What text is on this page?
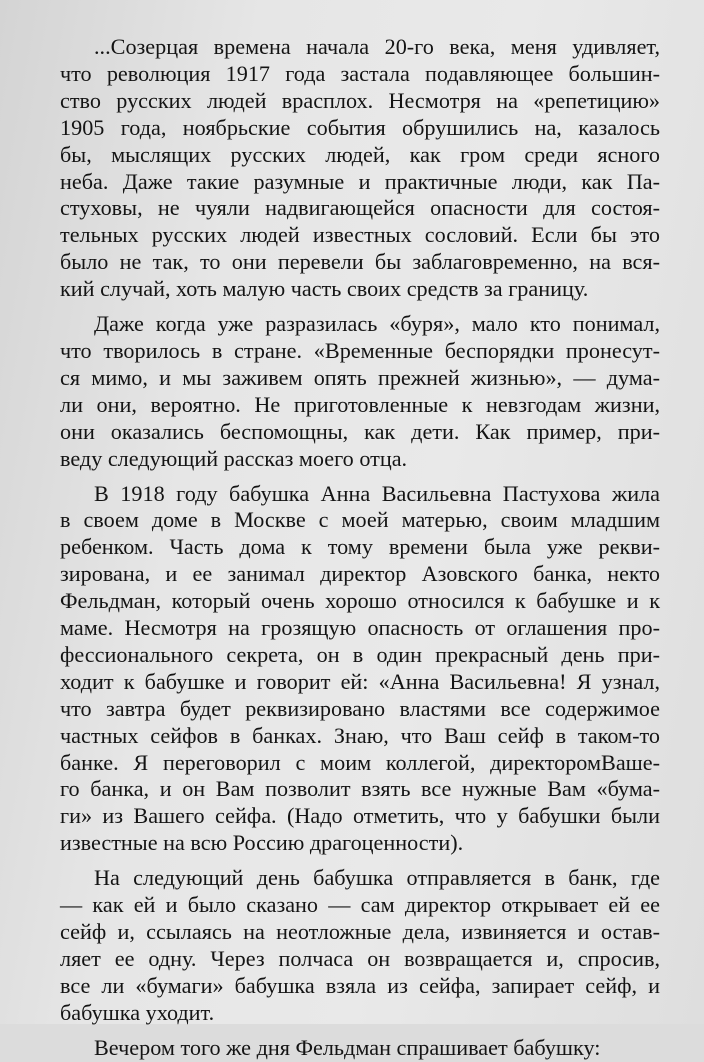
...Созерцая времена начала 20-го века, меня удивляет,
что революция 1917 года застала подавляющее большин-
ство русских людей врасплох. Несмотря на «репетицию»
1905 года, ноябрьские события обрушились на, казалось
бы, мыслящих русских людей, как гром среди ясного
неба. Даже такие разумные и практичные люди, как Па-
стуховы, не чуяли надвигающейся опасности для состоя-
тельных русских людей известных сословий. Если бы это
было не так, то они перевели бы заблаговременно, на вся-
кий случай, хоть малую часть своих средств за границу.
Даже когда уже разразилась «буря», мало кто понимал,
что творилось в стране. «Временные беспорядки пронесут-
ся мимо, и мы заживем опять прежней жизнью», — дума-
ли они, вероятно. Не приготовленные к невзгодам жизни,
они оказались беспомощны, как дети. Как пример, при-
веду следующий рассказ моего отца.
В 1918 году бабушка Анна Васильевна Пастухова жила
в своем доме в Москве с моей матерью, своим младшим
ребенком. Часть дома к тому времени была уже рекви-
зирована, и ее занимал директор Азовского банка, некто
Фельдман, который очень хорошо относился к бабушке и к
маме. Несмотря на грозящую опасность от оглашения про-
фессионального секрета, он в один прекрасный день при-
ходит к бабушке и говорит ей: «Анна Васильевна! Я узнал,
что завтра будет реквизировано властями все содержимое
частных сейфов в банках. Знаю, что Ваш сейф в таком-то
банке. Я переговорил с моим коллегой, директоромВаше-
го банка, и он Вам позволит взять все нужные Вам «бума-
ги» из Вашего сейфа. (Надо отметить, что у бабушки были
известные на всю Россию драгоценности).
На следующий день бабушка отправляется в банк, где
— как ей и было сказано — сам директор открывает ей ее
сейф и, ссылаясь на неотложные дела, извиняется и остав-
ляет ее одну. Через полчаса он возвращается и, спросив,
все ли «бумаги» бабушка взяла из сейфа, запирает сейф, и
бабушка уходит.
Вечером того же дня Фельдман спрашивает бабушку:
